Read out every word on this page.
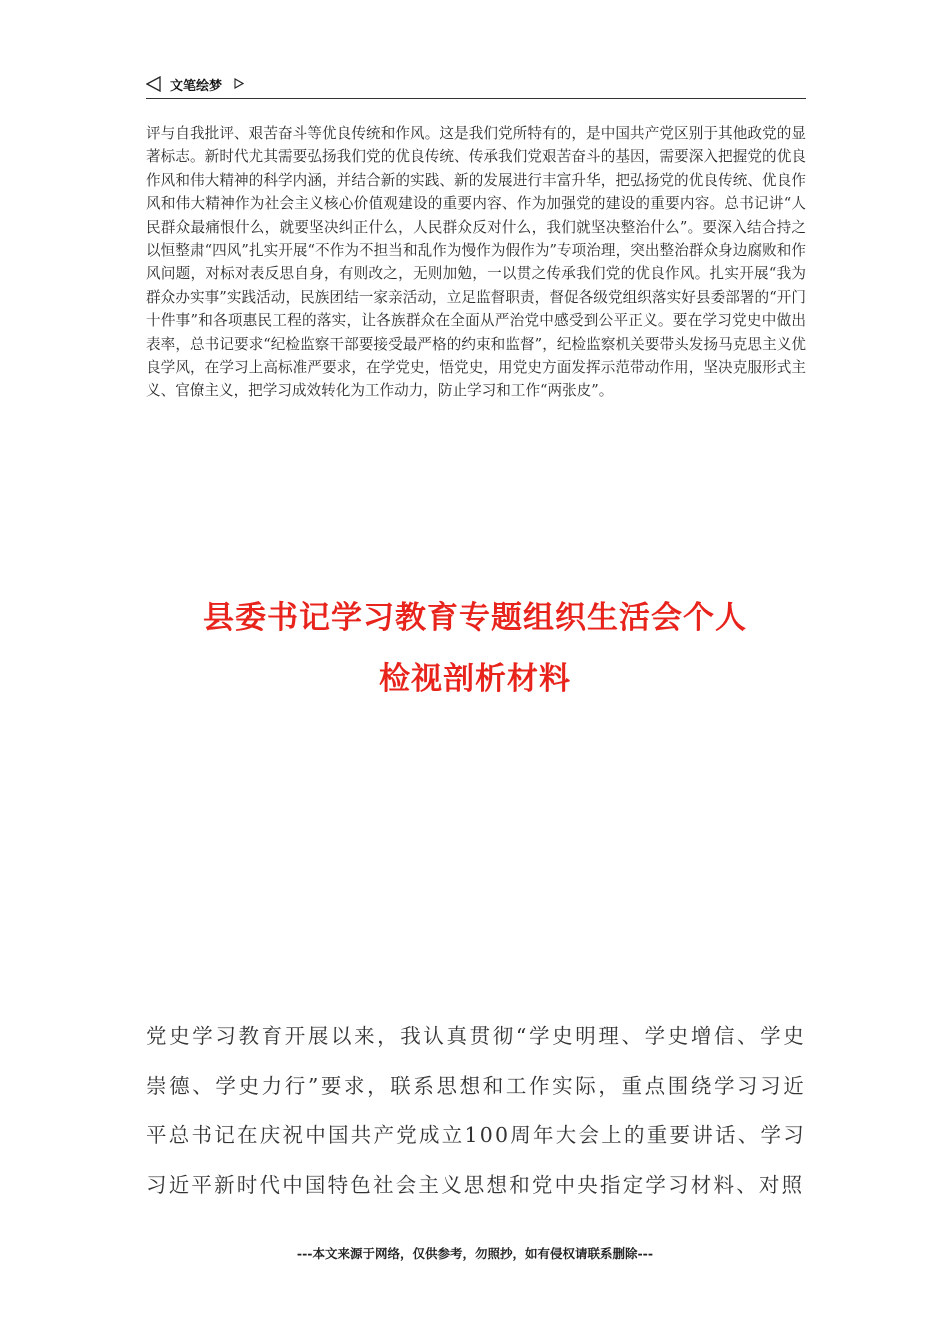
文笔绘梦

评与自我批评、艰苦奋斗等优良传统和作风。这是我们党所特有的，是中国共产党区别于其他政党的显著标志。新时代尤其需要弘扬我们党的优良传统、传承我们党艰苦奋斗的基因，需要深入把握党的优良作风和伟大精神的科学内涵，并结合新的实践、新的发展进行丰富升华，把弘扬党的优良传统、优良作风和伟大精神作为社会主义核心价值观建设的重要内容、作为加强党的建设的重要内容。总书记讲“人民群众最痛恨什么，就要坚决纠正什么，人民群众反对什么，我们就坚决整治什么”。要深入结合持之以恒整肃“四风”扎实开展“不作为不担当和乱作为慢作为假作为”专项治理，突出整治群众身边腐败和作风问题，对标对表反思自身，有则改之，无则加勉，一以贯之传承我们党的优良作风。扎实开展“我为群众办实事”实践活动，民族团结一家亲活动，立足监督职责，督促各级党组织落实好县委部署的“开门十件事”和各项惠民工程的落实，让各族群众在全面从严治党中感受到公平正义。要在学习党史中做出表率，总书记要求“纪检监察干部要接受最严格的约束和监督”，纪检监察机关要带头发扬马克思主义优良学风，在学习上高标准严要求，在学党史，悟党史，用党史方面发挥示范带动作用，坚决克服形式主义、官僚主义，把学习成效转化为工作动力，防止学习和工作“两张皮”。

县委书记学习教育专题组织生活会个人

检视剖析材料

党史学习教育开展以来，我认真贯彻“学史明理、学史增信、学史崇德、学史力行”要求，联系思想和工作实际，重点围绕学习习近平总书记在庆祝中国共产党成立100周年大会上的重要讲话、学习习近平新时代中国特色社会主义思想和党中央指定学习材料、对照

---本文来源于网络，仅供参考，勿照抄，如有侵权请联系删除---
